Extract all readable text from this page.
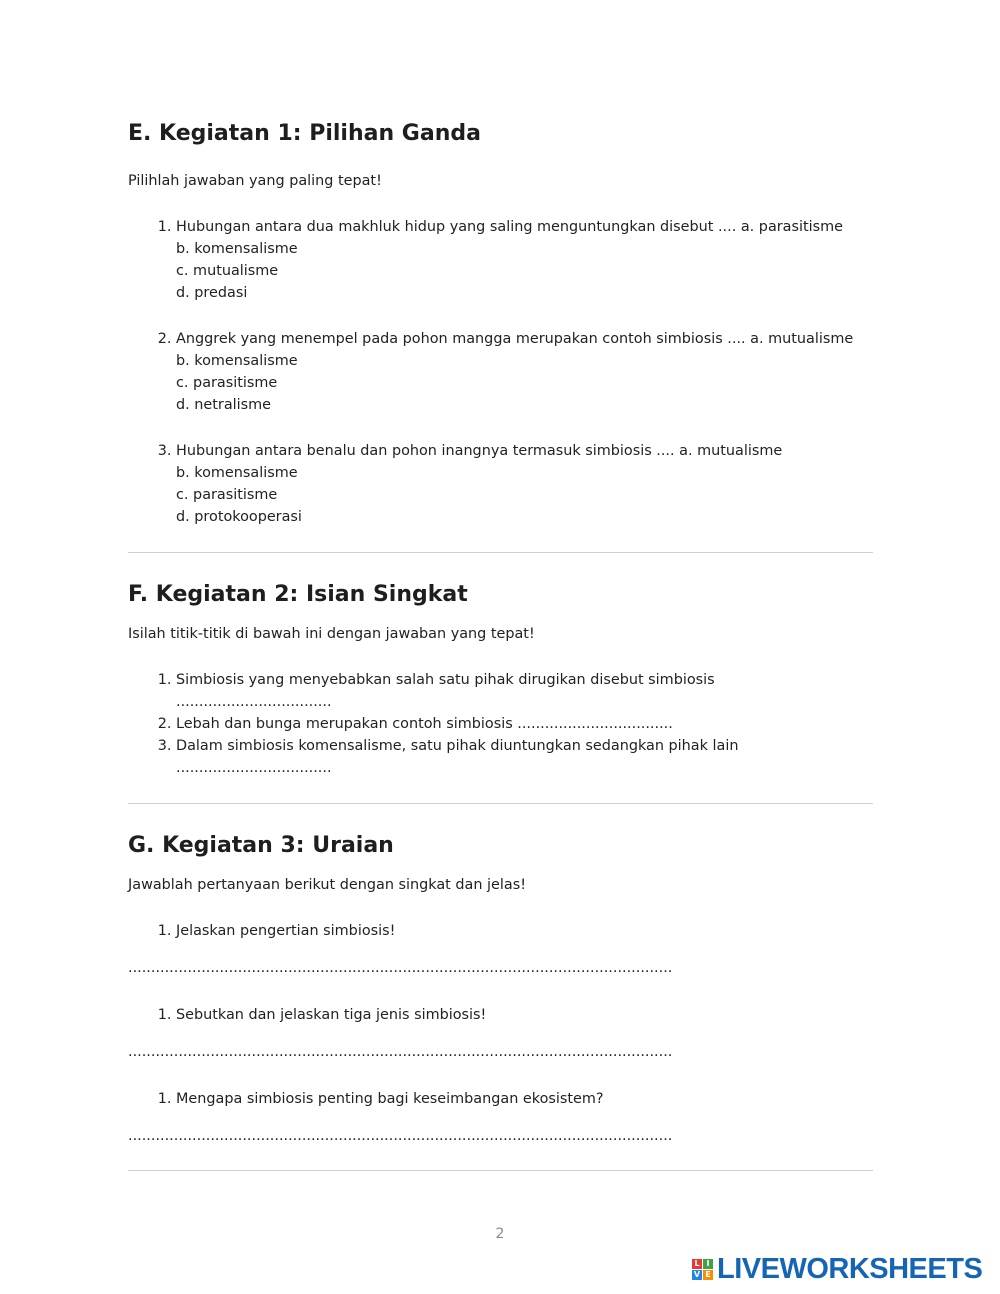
E. Kegiatan 1: Pilihan Ganda

Pilihlah jawaban yang paling tepat!

1. Hubungan antara dua makhluk hidup yang saling menguntungkan disebut .... a. parasitisme
b. komensalisme
c. mutualisme
d. predasi
2. Anggrek yang menempel pada pohon mangga merupakan contoh simbiosis .... a. mutualisme
b. komensalisme
c. parasitisme
d. netralisme
3. Hubungan antara benalu dan pohon inangnya termasuk simbiosis .... a. mutualisme
b. komensalisme
c. parasitisme
d. protokooperasi
F. Kegiatan 2: Isian Singkat

Isilah titik-titik di bawah ini dengan jawaban yang tepat!

1. Simbiosis yang menyebabkan salah satu pihak dirugikan disebut simbiosis ..................................
2. Lebah dan bunga merupakan contoh simbiosis ..................................
3. Dalam simbiosis komensalisme, satu pihak diuntungkan sedangkan pihak lain ..................................
G. Kegiatan 3: Uraian

Jawablah pertanyaan berikut dengan singkat dan jelas!

1. Jelaskan pengertian simbiosis!

.......................................................................................................................

1. Sebutkan dan jelaskan tiga jenis simbiosis!

.......................................................................................................................

1. Mengapa simbiosis penting bagi keseimbangan ekosistem?

.......................................................................................................................

2
L I
V E LIVEWORKSHEETS
